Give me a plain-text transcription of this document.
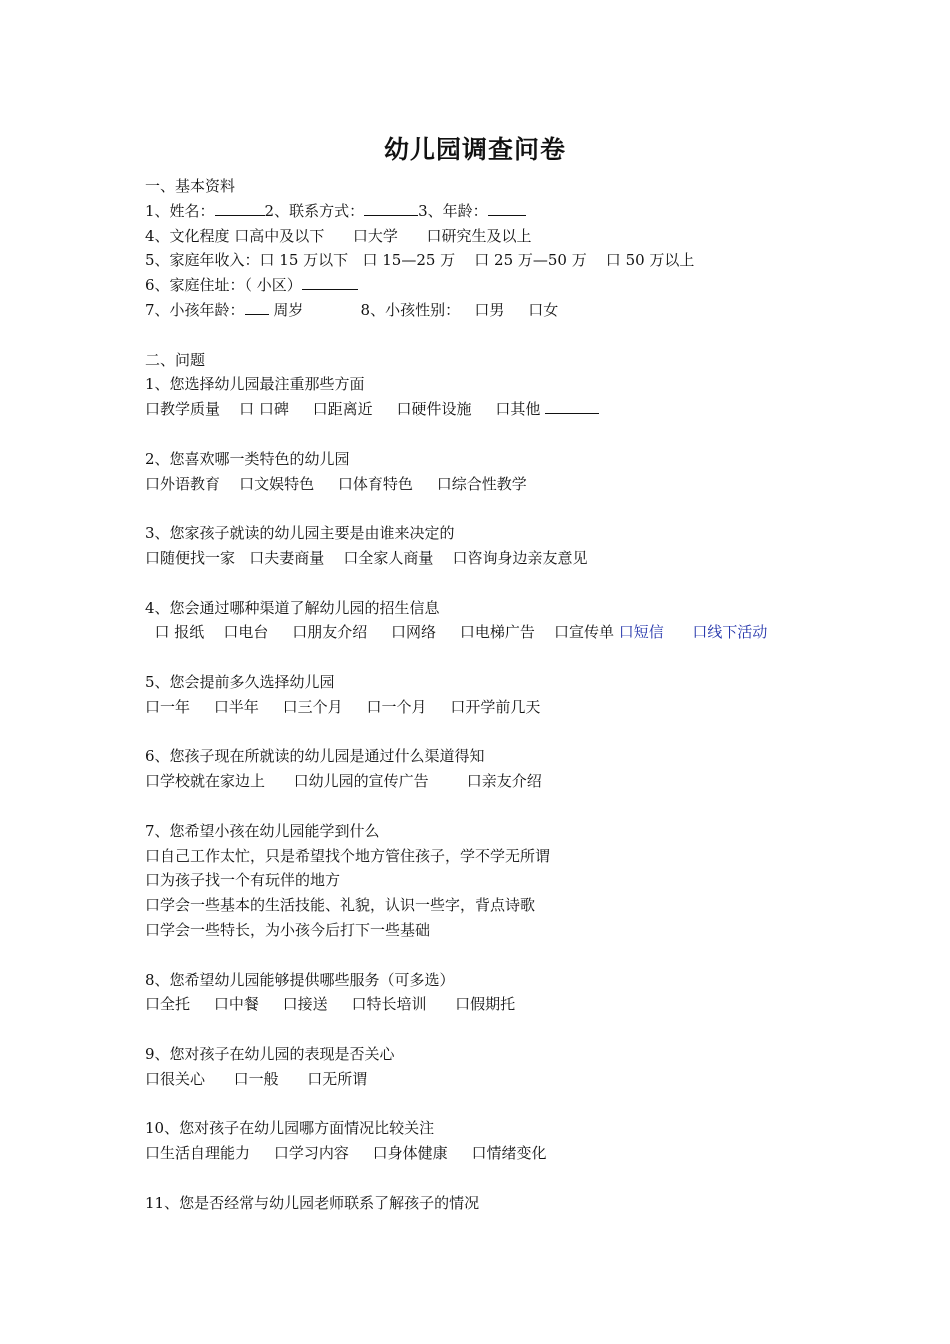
幼儿园调查问卷
一、基本资料
1、姓名：	2、联系方式：	3、年龄：
4、文化程度 口高中及以下      口大学      口研究生及以上
5、家庭年收入：口 15 万以下   口 15—25 万    口 25 万—50 万    口 50 万以上
6、家庭住址：（ 小区）
7、小孩年龄： 周岁            8、小孩性别：   口男     口女
二、问题
1、您选择幼儿园最注重那些方面
口教学质量    口 口碑     口距离近     口硬件设施     口其他
2、您喜欢哪一类特色的幼儿园
口外语教育    口文娱特色     口体育特色     口综合性教学
3、您家孩子就读的幼儿园主要是由谁来决定的
口随便找一家   口夫妻商量    口全家人商量    口咨询身边亲友意见
4、您会通过哪种渠道了解幼儿园的招生信息
口 报纸    口电台     口朋友介绍     口网络     口电梯广告    口宣传单 口短信      口线下活动
5、您会提前多久选择幼儿园
口一年     口半年     口三个月     口一个月     口开学前几天
6、您孩子现在所就读的幼儿园是通过什么渠道得知
口学校就在家边上      口幼儿园的宣传广告        口亲友介绍
7、您希望小孩在幼儿园能学到什么
口自己工作太忙，只是希望找个地方管住孩子，学不学无所谓
口为孩子找一个有玩伴的地方
口学会一些基本的生活技能、礼貌，认识一些字，背点诗歌
口学会一些特长，为小孩今后打下一些基础
8、您希望幼儿园能够提供哪些服务（可多选）
口全托     口中餐     口接送     口特长培训      口假期托
9、您对孩子在幼儿园的表现是否关心
口很关心      口一般      口无所谓
10、您对孩子在幼儿园哪方面情况比较关注
口生活自理能力     口学习内容     口身体健康     口情绪变化
11、您是否经常与幼儿园老师联系了解孩子的情况
